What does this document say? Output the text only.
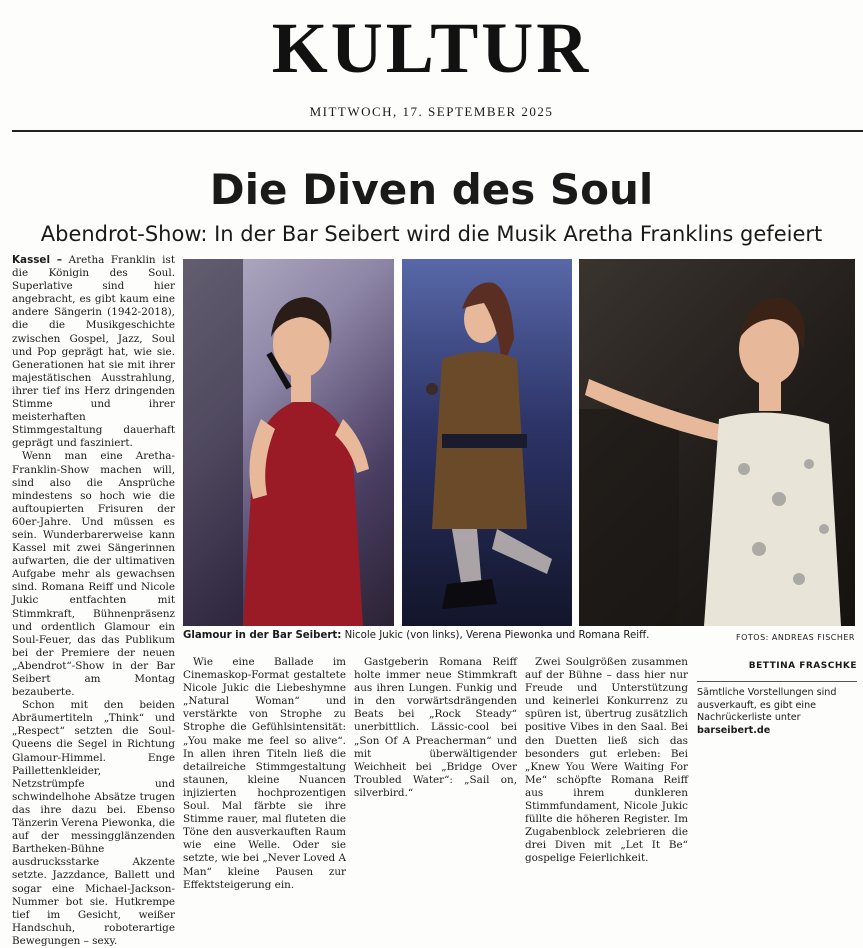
KULTUR
MITTWOCH, 17. SEPTEMBER 2025
Die Diven des Soul
Abendrot-Show: In der Bar Seibert wird die Musik Aretha Franklins gefeiert

Kassel – Aretha Franklin ist die Königin des Soul. Superlative sind hier angebracht, es gibt kaum eine andere Sängerin (1942-2018), die die Musikgeschichte zwischen Gospel, Jazz, Soul und Pop geprägt hat, wie sie. Generationen hat sie mit ihrer majestätischen Ausstrahlung, ihrer tief ins Herz dringenden Stimme und ihrer meisterhaften Stimmgestaltung dauerhaft geprägt und fasziniert.

Wenn man eine Aretha-Franklin-Show machen will, sind also die Ansprüche mindestens so hoch wie die auftoupierten Frisuren der 60er-Jahre. Und müssen es sein. Wunderbarerweise kann Kassel mit zwei Sängerinnen aufwarten, die der ultimativen Aufgabe mehr als gewachsen sind. Romana Reiff und Nicole Jukic entfachten mit Stimmkraft, Bühnenpräsenz und ordentlich Glamour ein Soul-Feuer, das das Publikum bei der Premiere der neuen „Abendrot“-Show in der Bar Seibert am Montag bezauberte.

Schon mit den beiden Abräumertiteln „Think“ und „Respect“ setzten die Soul-Queens die Segel in Richtung Glamour-Himmel. Enge Paillettenkleider, Netzstrümpfe und schwindelhohe Absätze trugen das ihre dazu bei. Ebenso Tänzerin Verena Piewonka, die auf der messingglänzenden Bartheken-Bühne ausdrucksstarke Akzente setzte. Jazzdance, Ballett und sogar eine Michael-Jackson-Nummer bot sie. Hutkrempe tief im Gesicht, weißer Handschuh, roboterartige Bewegungen – sexy.

Glamour in der Bar Seibert: Nicole Jukic (von links), Verena Piewonka und Romana Reiff.	FOTOS: ANDREAS FISCHER

Wie eine Ballade im Cinemaskop-Format gestaltete Nicole Jukic die Liebeshymne „Natural Woman“ und verstärkte von Strophe zu Strophe die Gefühlsintensität: „You make me feel so alive“. In allen ihren Titeln ließ die detailreiche Stimmgestaltung staunen, kleine Nuancen injizierten hochprozentigen Soul. Mal färbte sie ihre Stimme rauer, mal fluteten die Töne den ausverkauften Raum wie eine Welle. Oder sie setzte, wie bei „Never Loved A Man“ kleine Pausen zur Effektsteigerung ein.

Gastgeberin Romana Reiff holte immer neue Stimmkraft aus ihren Lungen. Funkig und in den vorwärtsdrängenden Beats bei „Rock Steady“ unerbittlich. Lässic-cool bei „Son Of A Preacherman“ und mit überwältigender Weichheit bei „Bridge Over Troubled Water“: „Sail on, silverbird.“

Zwei Soulgrößen zusammen auf der Bühne – dass hier nur Freude und Unterstützung und keinerlei Konkurrenz zu spüren ist, übertrug zusätzlich positive Vibes in den Saal. Bei den Duetten ließ sich das besonders gut erleben: Bei „Knew You Were Waiting For Me“ schöpfte Romana Reiff aus ihrem dunkleren Stimmfundament, Nicole Jukic füllte die höheren Register. Im Zugabenblock zelebrieren die drei Diven mit „Let It Be“ gospelige Feierlichkeit.

BETTINA FRASCHKE
Sämtliche Vorstellungen sind ausverkauft, es gibt eine Nachrückerliste unter barseibert.de
